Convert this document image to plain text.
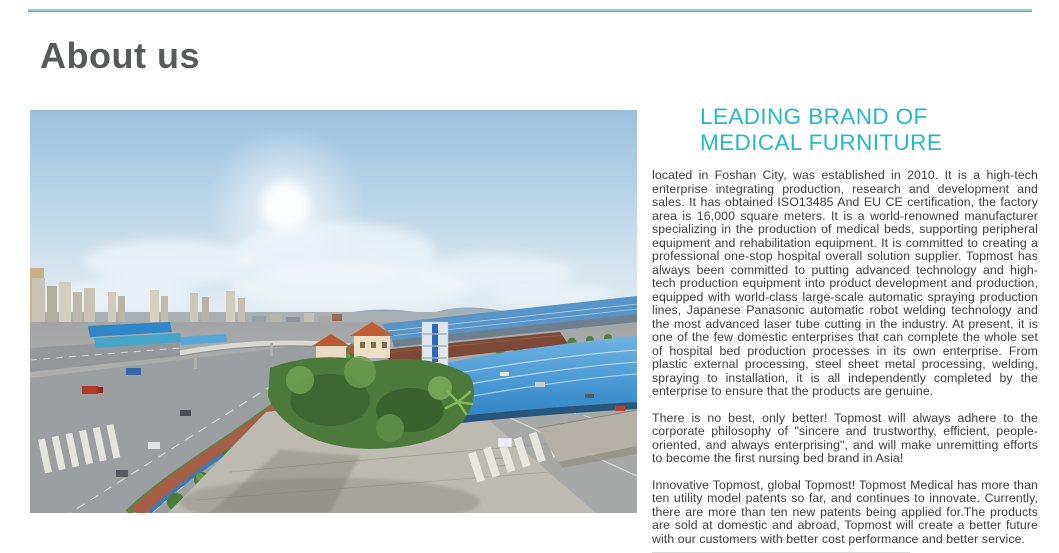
About us
LEADING BRAND OF
MEDICAL FURNITURE

located in Foshan City, was established in 2010. It is a high-tech enterprise integrating production, research and development and sales. It has obtained ISO13485 And EU CE certification, the factory area is 16,000 square meters. It is a world-renowned manufacturer specializing in the production of medical beds, supporting peripheral equipment and rehabilitation equipment. It is committed to creating a professional one-stop hospital overall solution supplier. Topmost has always been committed to putting advanced technology and high-tech production equipment into product development and production, equipped with world-class large-scale automatic spraying production lines, Japanese Panasonic automatic robot welding technology and the most advanced laser tube cutting in the industry. At present, it is one of the few domestic enterprises that can complete the whole set of hospital bed production processes in its own enterprise. From plastic external processing, steel sheet metal processing, welding, spraying to installation, it is all independently completed by the enterprise to ensure that the products are genuine.

There is no best, only better! Topmost will always adhere to the corporate philosophy of "sincere and trustworthy, efficient, people-oriented, and always enterprising", and will make unremitting efforts to become the first nursing bed brand in Asia!

Innovative Topmost, global Topmost! Topmost Medical has more than ten utility model patents so far, and continues to innovate. Currently, there are more than ten new patents being applied for.The products are sold at domestic and abroad, Topmost will create a better future with our customers with better cost performance and better service.
